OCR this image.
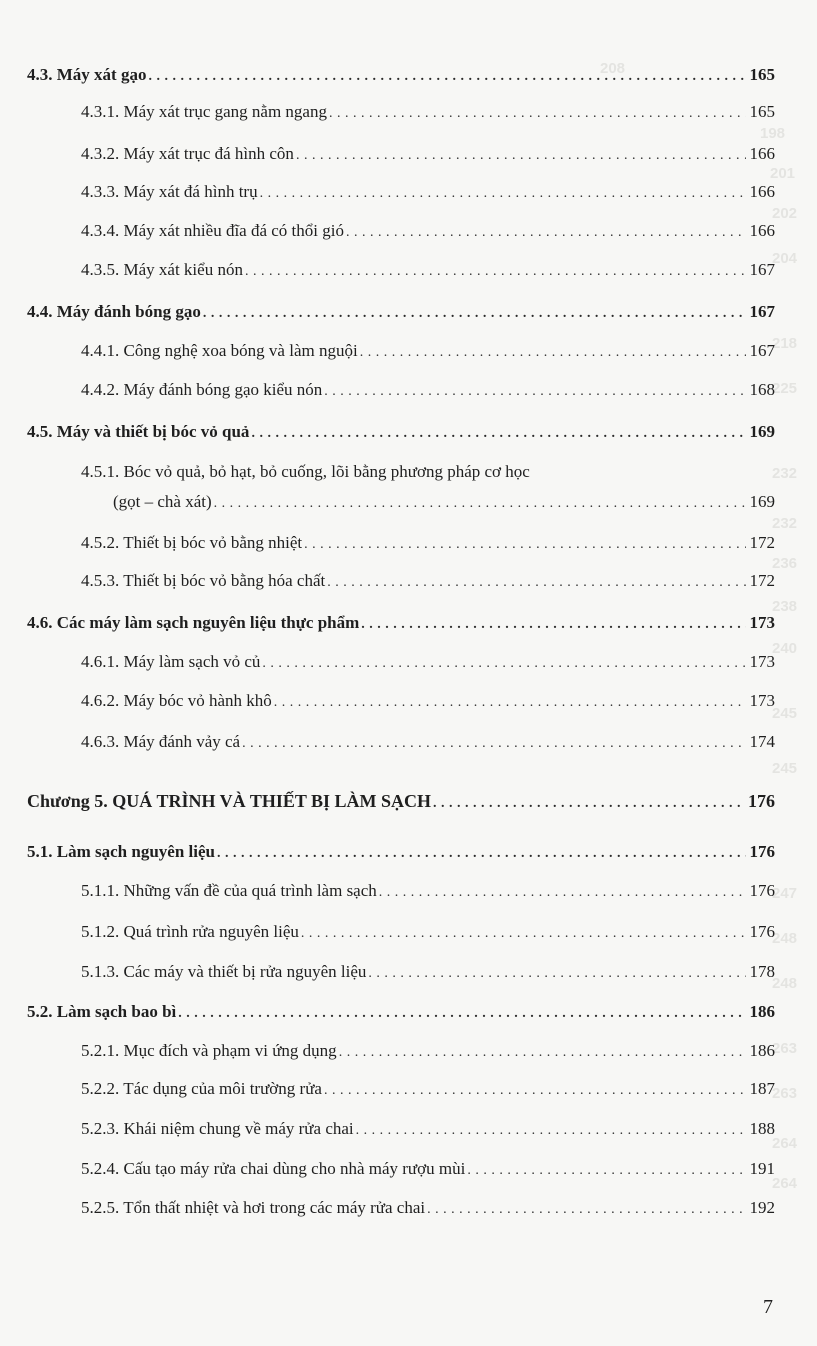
208
198
201
202
204
218
225
232
232
236
238
240
245
245
247
248
248
263
263
264
264
4.3. Máy xát gạo . . .	165
4.3.1. Máy xát trục gang nằm ngang . . .	165
4.3.2. Máy xát trục đá hình côn . . .	166
4.3.3. Máy xát đá hình trụ . . .	166
4.3.4. Máy xát nhiều đĩa đá có thổi gió . . .	166
4.3.5. Máy xát kiểu nón . . .	167
4.4. Máy đánh bóng gạo . . .	167
4.4.1. Công nghệ xoa bóng và làm nguội . . .	167
4.4.2. Máy đánh bóng gạo kiểu nón . . .	168
4.5. Máy và thiết bị bóc vỏ quả . . .	169
4.5.1. Bóc vỏ quả, bỏ hạt, bỏ cuống, lõi bằng phương pháp cơ học
(gọt – chà xát) . . .	169
4.5.2. Thiết bị bóc vỏ bằng nhiệt . . .	172
4.5.3. Thiết bị bóc vỏ bằng hóa chất . . .	172
4.6. Các máy làm sạch nguyên liệu thực phẩm . . .	173
4.6.1. Máy làm sạch vỏ củ . . .	173
4.6.2. Máy bóc vỏ hành khô . . .	173
4.6.3. Máy đánh vảy cá . . .	174
Chương 5. QUÁ TRÌNH VÀ THIẾT BỊ LÀM SẠCH . . .	176
5.1. Làm sạch nguyên liệu . . .	176
5.1.1. Những vấn đề của quá trình làm sạch . . .	176
5.1.2. Quá trình rửa nguyên liệu . . .	176
5.1.3. Các máy và thiết bị rửa nguyên liệu . . .	178
5.2. Làm sạch bao bì . . .	186
5.2.1. Mục đích và phạm vi ứng dụng . . .	186
5.2.2. Tác dụng của môi trường rửa . . .	187
5.2.3. Khái niệm chung về máy rửa chai . . .	188
5.2.4. Cấu tạo máy rửa chai dùng cho nhà máy rượu mùi . . .	191
5.2.5. Tổn thất nhiệt và hơi trong các máy rửa chai . . .	192
7
